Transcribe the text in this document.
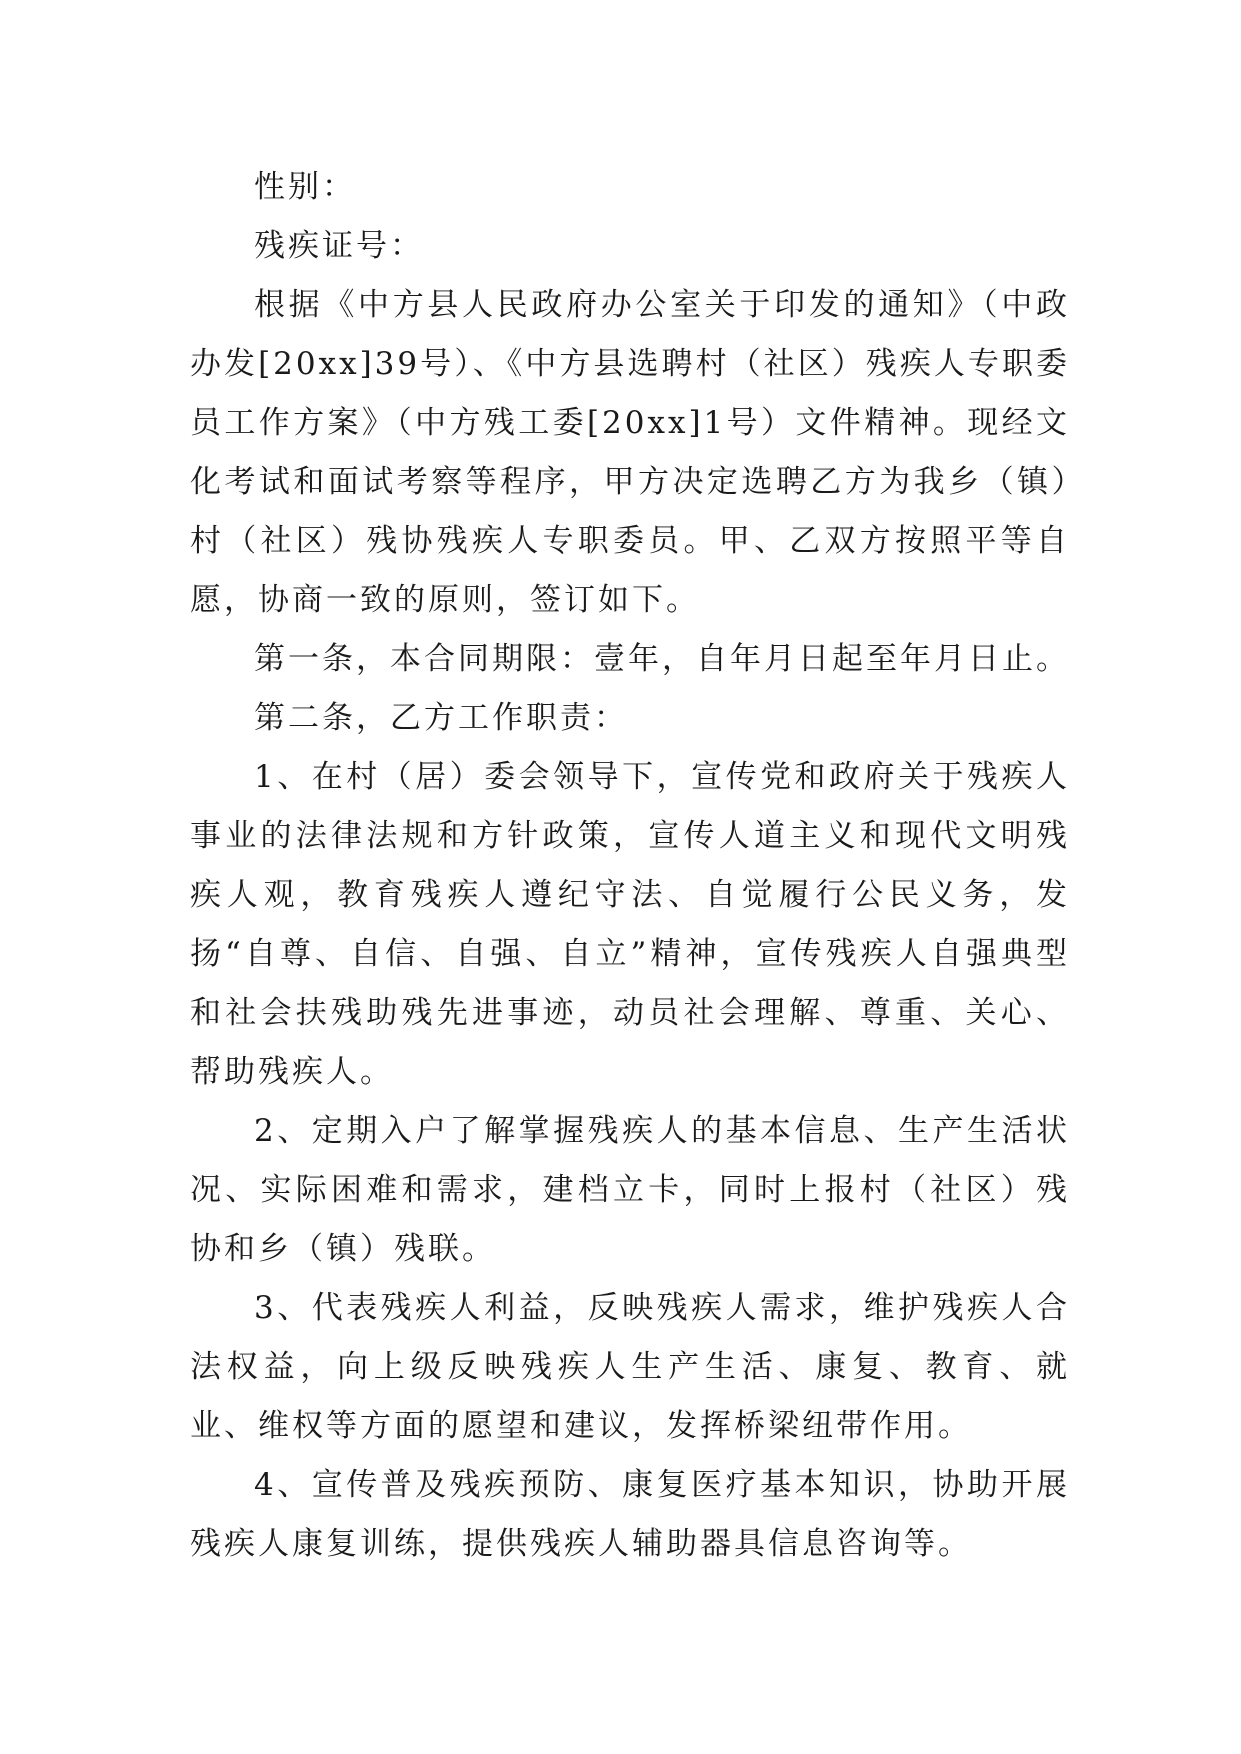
性别：

残疾证号：

根据《中方县人民政府办公室关于印发的通知》（中政办发[20xx]39号）、《中方县选聘村（社区）残疾人专职委员工作方案》（中方残工委[20xx]1号）文件精神。现经文化考试和面试考察等程序，甲方决定选聘乙方为我乡（镇）村（社区）残协残疾人专职委员。甲、乙双方按照平等自愿，协商一致的原则，签订如下。

第一条，本合同期限：壹年，自年月日起至年月日止。

第二条，乙方工作职责：

1、在村（居）委会领导下，宣传党和政府关于残疾人事业的法律法规和方针政策，宣传人道主义和现代文明残疾人观，教育残疾人遵纪守法、自觉履行公民义务，发扬“自尊、自信、自强、自立”精神，宣传残疾人自强典型和社会扶残助残先进事迹，动员社会理解、尊重、关心、帮助残疾人。

2、定期入户了解掌握残疾人的基本信息、生产生活状况、实际困难和需求，建档立卡，同时上报村（社区）残协和乡（镇）残联。

3、代表残疾人利益，反映残疾人需求，维护残疾人合法权益，向上级反映残疾人生产生活、康复、教育、就业、维权等方面的愿望和建议，发挥桥梁纽带作用。

4、宣传普及残疾预防、康复医疗基本知识，协助开展残疾人康复训练，提供残疾人辅助器具信息咨询等。
